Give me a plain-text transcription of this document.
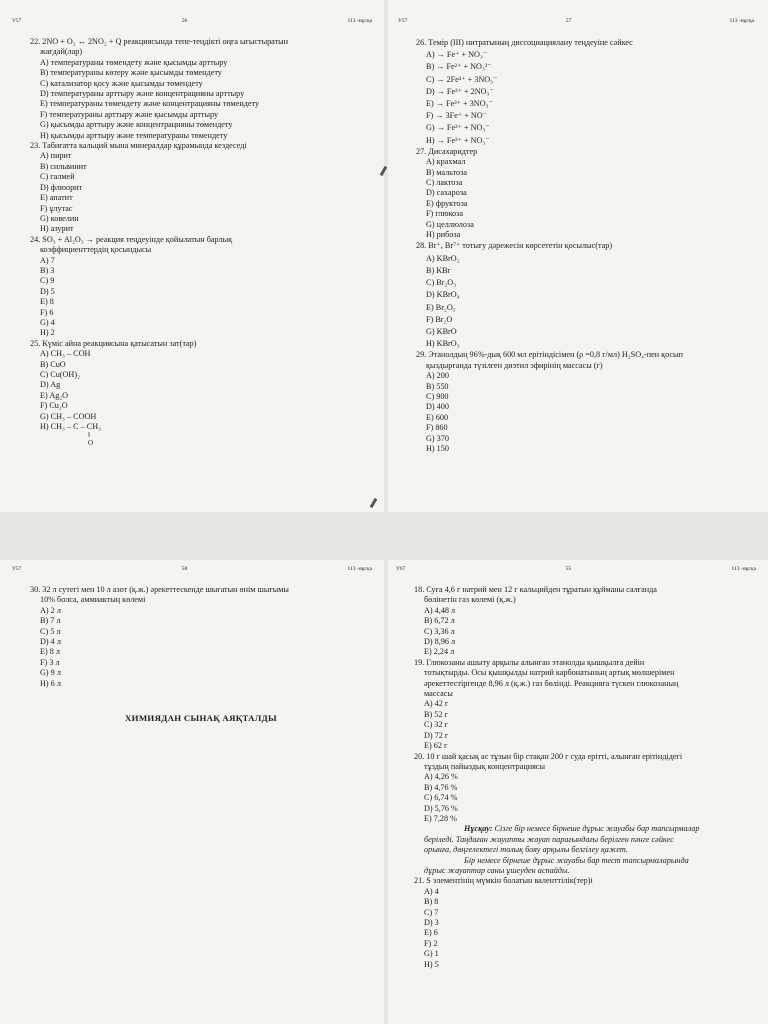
У57	56	113 -нұсқа
22. 2NO + O₂ ↔ 2NO₂ + Q реакциясында тепе-теңдікті оңға ығыстыратын
жағдай(лар)
A) температураны төмендету және қысымды арттыру
B) температураны көтеру және қысымды төмендету
C) катализатор қосу және қысымды төмендету
D) температураны арттыру және концентрацияны арттыру
E) температураны төмендету және концентрацияны төмендету
F) температураны арттыру және қысымды арттыру
G) қысымды арттыру және концентрацияны төмендету
H) қысымды арттыру және температураны төмендету
23. Табиғатта кальций мына минералдар құрамында кездеседі
A) пирит
B) сильвинит
C) галмей
D) флюорит
E) апатит
F) ұлутас
G) ковелин
H) азурит
24. SO₃ + Al₂O₃ → реакция теңдеуінде қойылатын барлық
коэффициенттердің қосындысы
A) 7
B) 3
C) 9
D) 5
E) 8
F) 6
G) 4
H) 2
25. Күміс айна реакциясына қатысатын зат(тар)
A) CH₃ – COH
B) CuO
C) Cu(OH)₂
D) Ag
E) Ag₂O
F) Cu₂O
G) CH₃ – COOH
H) CH₃ – C – CH₃
‖
O
У57	57	113 -нұсқа
26. Темір (III) нитратының диссоциациялану теңдеуіне сәйкес
A) → Fe⁺ + NO₃⁻
B) → Fe²⁺ + NO₃²⁻
C) → 2Fe³⁺ + 3NO₃⁻
D) → Fe²⁺ + 2NO₃⁻
E) → Fe³⁺ + 3NO₃⁻
F) → 3Fe⁺ + NO⁻
G) → Fe³⁺ + NO₃⁻
H) → Fe³⁺ + NO₃⁻
27. Дисахаридтер
A) крахмал
B) мальтоза
C) лактоза
D) сахароза
E) фруктоза
F) глюкоза
G) целлюлоза
H) рибоза
28. Br⁺, Br⁷⁺ тотығу дәрежесін көрсететін қосылыс(тар)
A) KBrO₂
B) KBr
C) Br₂O₃
D) KBrO₄
E) Br₂O₅
F) Br₂O
G) KBrO
H) KBrO₃
29. Этанолдың 96%-дық 600 мл ерітіндісімен (ρ =0,8 г/мл) H₂SO₄-пен қосып
қыздырғанда түзілген диэтил эфирінің массасы (г)
A) 200
B) 550
C) 900
D) 400
E) 600
F) 860
G) 370
H) 150
У57	58	113 -нұсқа
30. 32 л сутегі мен 10 л азот (қ.ж.) әрекеттескенде шығатын өнім шығымы
10% болса, аммиактың көлемі
A) 2 л
B) 7 л
C) 5 л
D) 4 л
E) 8 л
F) 3 л
G) 9 л
H) 6 л
ХИМИЯДАН СЫНАҚ АЯҚТАЛДЫ
У67	55	113 -нұсқа
18. Суға 4,6 г натрий мен 12 г кальцийден тұратын құйманы салғанда
бөлінетін газ көлемі (қ.ж.)
A) 4,48 л
B) 6,72 л
C) 3,36 л
D) 8,96 л
E) 2,24 л
19. Глюкозаны ашыту арқылы алынған этанолды қышқылға дейін
тотықтырды. Осы қышқылды натрий карбонатының артық мөлшерімен
әрекеттестіргенде 8,96 л (қ.ж.) газ бөлінді. Реакцияға түскен глюкозаның
массасы
A) 42 г
B) 52 г
C) 32 г
D) 72 г
E) 62 г
20. 10 г шай қасық ас тұзын бір стақан 200 г суда ерітті, алынған ерітіндідегі
тұздың пайыздық концентрациясы
A) 4,26 %
B) 4,76 %
C) 6,74 %
D) 5,76 %
E) 7,28 %
Нұсқау: Сізге бір немесе бірнеше дұрыс жауабы бар тапсырмалар
беріледі. Таңдаған жауапты жауап парағындағы берілген пәнге сәйкес
орынға, дөңгелектегі толық бояу арқылы белгілеу қажет.
Бір немесе бірнеше дұрыс жауабы бар тест тапсырмаларында
дұрыс жауаптар саны ұшеуден аспайды.
21. S элементінің мүмкін болатын валенттілік(тер)і
A) 4
B) 8
C) 7
D) 3
E) 6
F) 2
G) 1
H) 5
